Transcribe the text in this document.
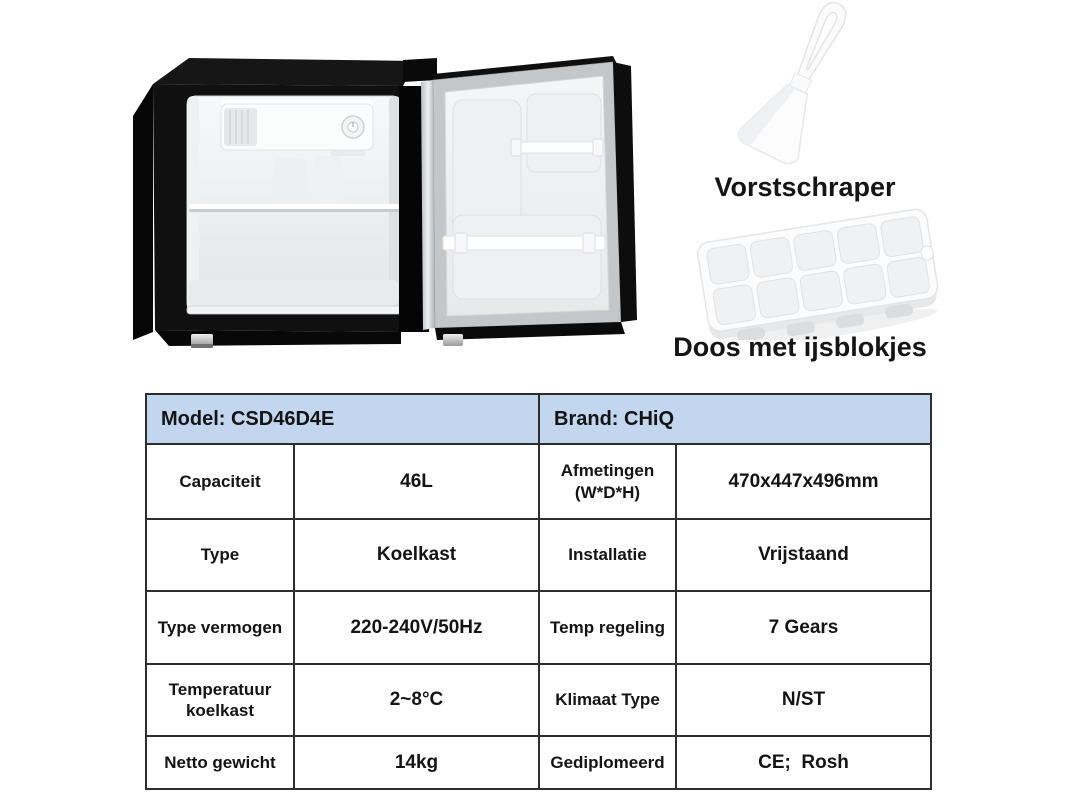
Vorstschraper
Doos met ijsblokjes
Model: CSD46D4E		Brand: CHiQ	
Capaciteit	46L	Afmetingen (W*D*H)	470x447x496mm
Type	Koelkast	Installatie	Vrijstaand
Type vermogen	220-240V/50Hz	Temp regeling	7 Gears
Temperatuur koelkast	2~8°C	Klimaat Type	N/ST
Netto gewicht	14kg	Gediplomeerd	CE;  Rosh
